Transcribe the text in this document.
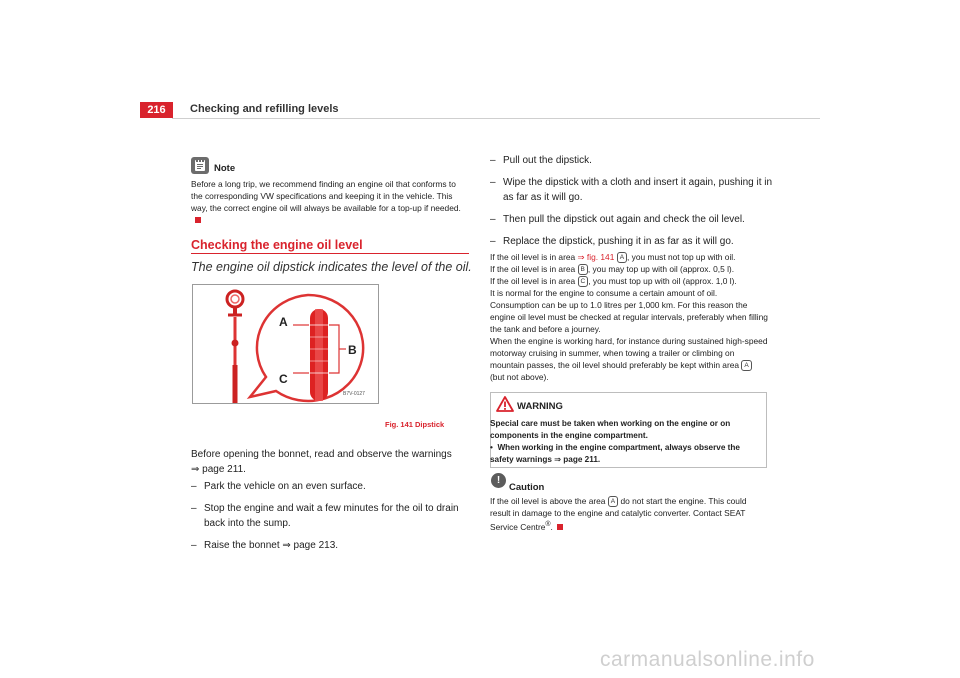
216	Checking and refilling levels
Note
Before a long trip, we recommend finding an engine oil that conforms to the corresponding VW specifications and keeping it in the vehicle. This way, the correct engine oil will always be available for a top-up if needed.
Checking the engine oil level
The engine oil dipstick indicates the level of the oil.
A
B
C
B7V-0127
Fig. 141 Dipstick
Before opening the bonnet, read and observe the warnings
⇒ page 211.
– Park the vehicle on an even surface.
– Stop the engine and wait a few minutes for the oil to drain back into the sump.
– Raise the bonnet ⇒ page 213.
– Pull out the dipstick.
– Wipe the dipstick with a cloth and insert it again, pushing it in as far as it will go.
– Then pull the dipstick out again and check the oil level.
– Replace the dipstick, pushing it in as far as it will go.

If the oil level is in area ⇒ fig. 141 A , you must not top up with oil.

If the oil level is in area B , you may top up with oil (approx. 0,5 l).

If the oil level is in area C , you must top up with oil (approx. 1,0 l).

It is normal for the engine to consume a certain amount of oil. Consumption can be up to 1.0 litres per 1,000 km. For this reason the engine oil level must be checked at regular intervals, preferably when filling the tank and before a journey.

When the engine is working hard, for instance during sustained high-speed motorway cruising in summer, when towing a trailer or climbing on mountain passes, the oil level should preferably be kept within area A (but not above).

WARNING
Special care must be taken when working on the engine or on components in the engine compartment.
• When working in the engine compartment, always observe the safety warnings ⇒ page 211.
!
Caution
If the oil level is above the area A do not start the engine. This could result in damage to the engine and catalytic converter. Contact SEAT Service Centre®.
carmanualsonline.info
